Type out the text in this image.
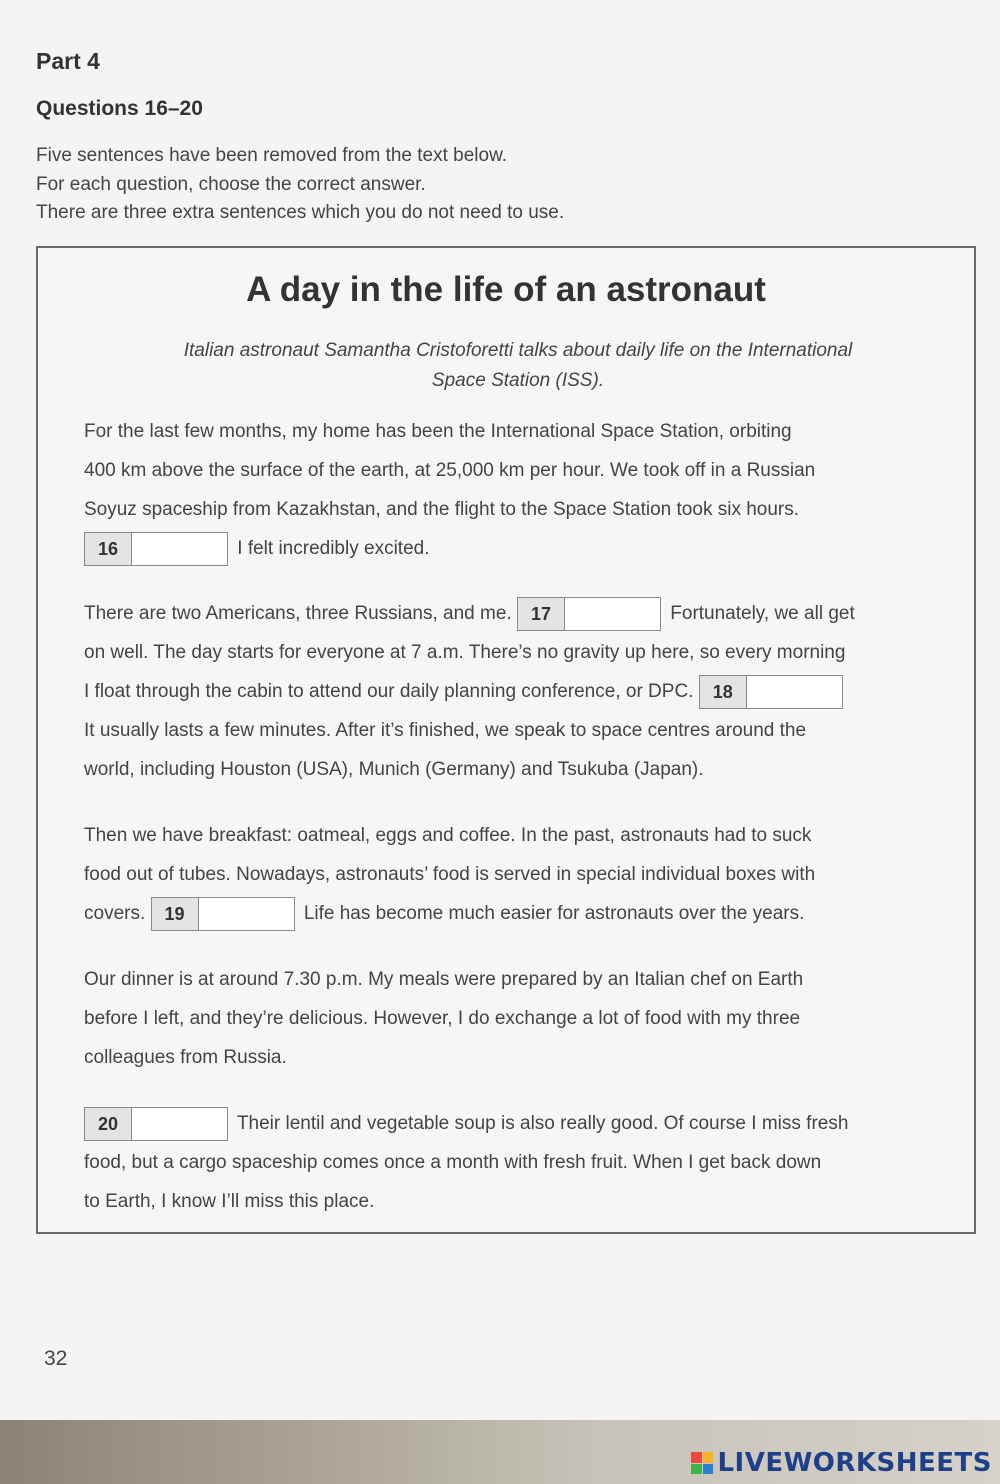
Part 4
Questions 16–20
Five sentences have been removed from the text below.
For each question, choose the correct answer.
There are three extra sentences which you do not need to use.
A day in the life of an astronaut
Italian astronaut Samantha Cristoforetti talks about daily life on the International
Space Station (ISS).
For the last few months, my home has been the International Space Station, orbiting
400 km above the surface of the earth, at 25,000 km per hour. We took off in a Russian
Soyuz spaceship from Kazakhstan, and the flight to the Space Station took six hours.
16	I felt incredibly excited.
There are two Americans, three Russians, and me.	17	Fortunately, we all get
on well. The day starts for everyone at 7 a.m. There’s no gravity up here, so every morning
I float through the cabin to attend our daily planning conference, or DPC.	18
It usually lasts a few minutes. After it’s finished, we speak to space centres around the
world, including Houston (USA), Munich (Germany) and Tsukuba (Japan).
Then we have breakfast: oatmeal, eggs and coffee. In the past, astronauts had to suck
food out of tubes. Nowadays, astronauts’ food is served in special individual boxes with
covers.	19	Life has become much easier for astronauts over the years.
Our dinner is at around 7.30 p.m. My meals were prepared by an Italian chef on Earth
before I left, and they’re delicious. However, I do exchange a lot of food with my three
colleagues from Russia.
20	Their lentil and vegetable soup is also really good. Of course I miss fresh
food, but a cargo spaceship comes once a month with fresh fruit. When I get back down
to Earth, I know I’ll miss this place.
32
LIVEWORKSHEETS
